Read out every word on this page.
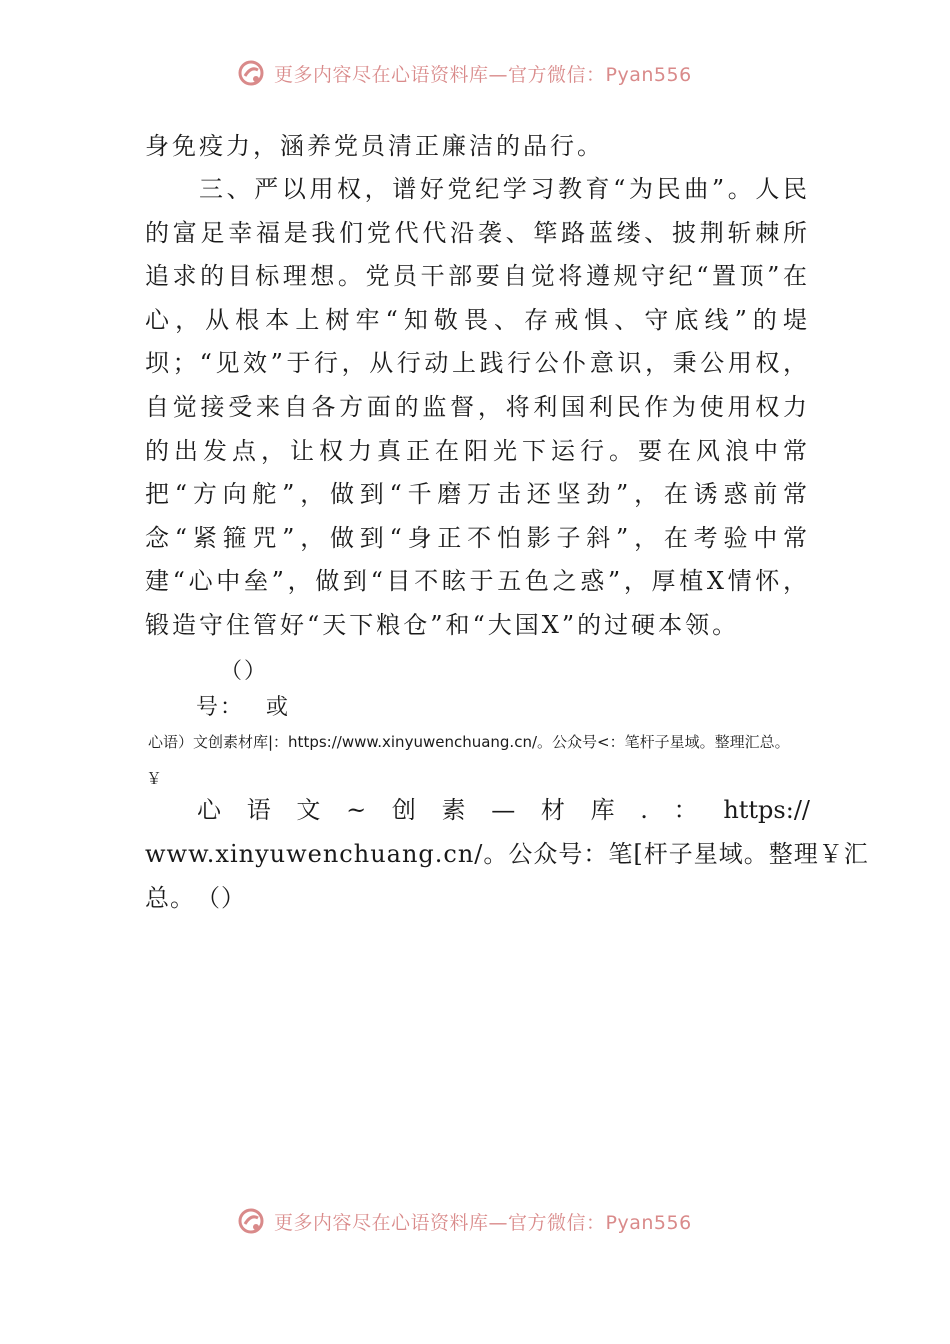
更多内容尽在心语资料库—官方微信：Pyan556

身免疫力，涵养党员清正廉洁的品行。

三、严以用权，谱好党纪学习教育“为民曲”。人民的富足幸福是我们党代代沿袭、筚路蓝缕、披荆斩棘所追求的目标理想。党员干部要自觉将遵规守纪“置顶”在心，从根本上树牢“知敬畏、存戒惧、守底线”的堤坝；“见效”于行，从行动上践行公仆意识，秉公用权，自觉接受来自各方面的监督，将利国利民作为使用权力的出发点，让权力真正在阳光下运行。要在风浪中常把“方向舵”，做到“千磨万击还坚劲”，在诱惑前常念“紧箍咒”，做到“身正不怕影子斜”，在考验中常建“心中垒”，做到“目不眩于五色之惑”，厚植X情怀，锻造守住管好“天下粮仓”和“大国X”的过硬本领。

（）
号： 或
心语）文创素材库|：https://www.xinyuwenchuang.cn/。公众号<：笔杆子星域。整理汇总。
￥
心 语 文 ~ 创 素 — 材 库 . ： https://
www.xinyuwenchuang.cn/。公众号：笔[杆子星域。整理￥汇
总。　（）
更多内容尽在心语资料库—官方微信：Pyan556
